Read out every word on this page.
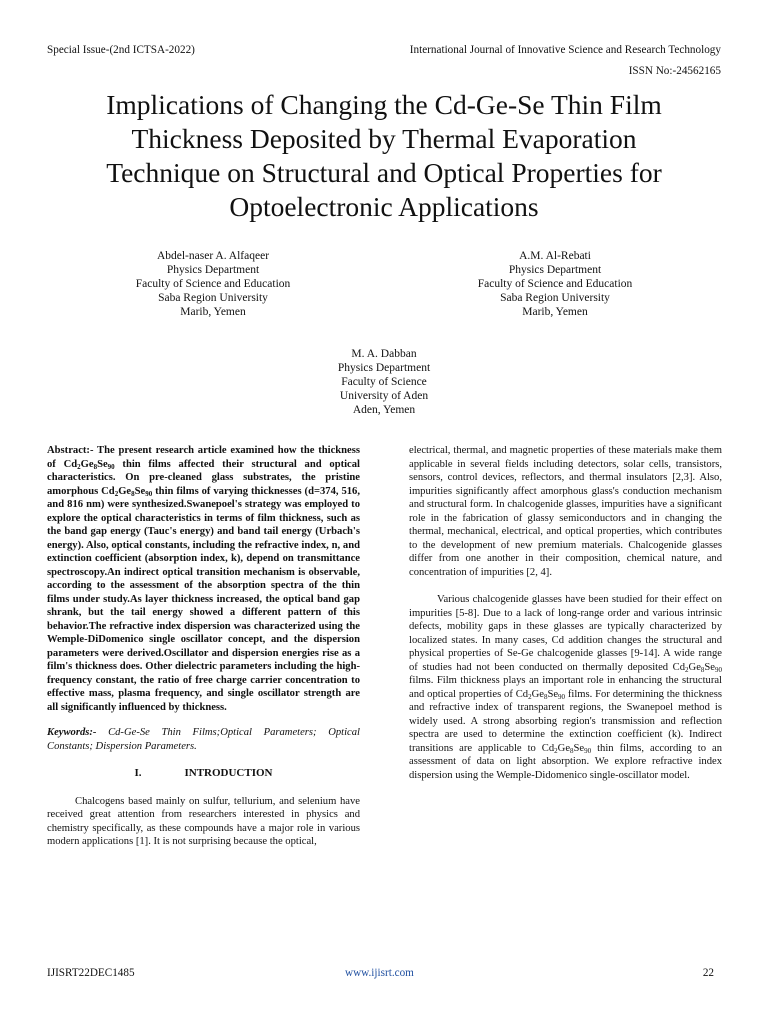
Special Issue-(2nd ICTSA-2022)	International Journal of Innovative Science and Research Technology
ISSN No:-24562165
Implications of Changing the Cd-Ge-Se Thin Film
Thickness Deposited by Thermal Evaporation
Technique on Structural and Optical Properties for
Optoelectronic Applications
Abdel-naser A. Alfaqeer
Physics Department
Faculty of Science and Education
Saba Region University
Marib, Yemen
A.M. Al-Rebati
Physics Department
Faculty of Science and Education
Saba Region University
Marib, Yemen
M. A. Dabban
Physics Department
Faculty of Science
University of Aden
Aden, Yemen

Abstract:- The present research article examined how the thickness of $Cd_2Ge_8Se_{90}$ thin films affected their structural and optical characteristics. On pre-cleaned glass substrates, the pristine amorphous $Cd_2Ge_8Se_{90}$ thin films of varying thicknesses (d=374, 516, and 816 nm) were synthesized.Swanepoel's strategy was employed to explore the optical characteristics in terms of film thickness, such as the band gap energy (Tauc's energy) and band tail energy (Urbach's energy). Also, optical constants, including the refractive index, n, and extinction coefficient (absorption index, k), depend on transmittance spectroscopy.An indirect optical transition mechanism is observable, according to the assessment of the absorption spectra of the thin films under study.As layer thickness increased, the optical band gap shrank, but the tail energy showed a different pattern of this behavior.The refractive index dispersion was characterized using the Wemple-DiDomenico single oscillator concept, and the dispersion parameters were derived.Oscillator and dispersion energies rise as a film's thickness does. Other dielectric parameters including the high-frequency constant, the ratio of free charge carrier concentration to effective mass, plasma frequency, and single oscillator strength are all significantly influenced by thickness.

Keywords:- Cd-Ge-Se Thin Films;Optical Parameters; Optical Constants; Dispersion Parameters.

I.	INTRODUCTION

Chalcogens based mainly on sulfur, tellurium, and selenium have received great attention from researchers interested in physics and chemistry specifically, as these compounds have a major role in various modern applications [1]. It is not surprising because the optical,

electrical, thermal, and magnetic properties of these materials make them applicable in several fields including detectors, solar cells, transistors, sensors, control devices, reflectors, and thermal insulators [2,3]. Also, impurities significantly affect amorphous glass's conduction mechanism and structural form. In chalcogenide glasses, impurities have a significant role in the fabrication of glassy semiconductors and in changing the thermal, mechanical, electrical, and optical properties, which contributes to the development of new premium materials. Chalcogenide glasses differ from one another in their composition, chemical nature, and concentration of impurities [2, 4].

Various chalcogenide glasses have been studied for their effect on impurities [5-8]. Due to a lack of long-range order and various intrinsic defects, mobility gaps in these glasses are typically characterized by localized states. In many cases, Cd addition changes the structural and physical properties of Se-Ge chalcogenide glasses [9-14]. A wide range of studies had not been conducted on thermally deposited $Cd_2Ge_8Se_{90}$ films. Film thickness plays an important role in enhancing the structural and optical properties of $Cd_2Ge_8Se_{90}$ films. For determining the thickness and refractive index of transparent regions, the Swanepoel method is widely used. A strong absorbing region's transmission and reflection spectra are used to determine the extinction coefficient (k). Indirect transitions are applicable to $Cd_2Ge_8Se_{90}$ thin films, according to an assessment of data on light absorption. We explore refractive index dispersion using the Wemple-Didomenico single-oscillator model.

IJISRT22DEC1485	www.ijisrt.com	22
